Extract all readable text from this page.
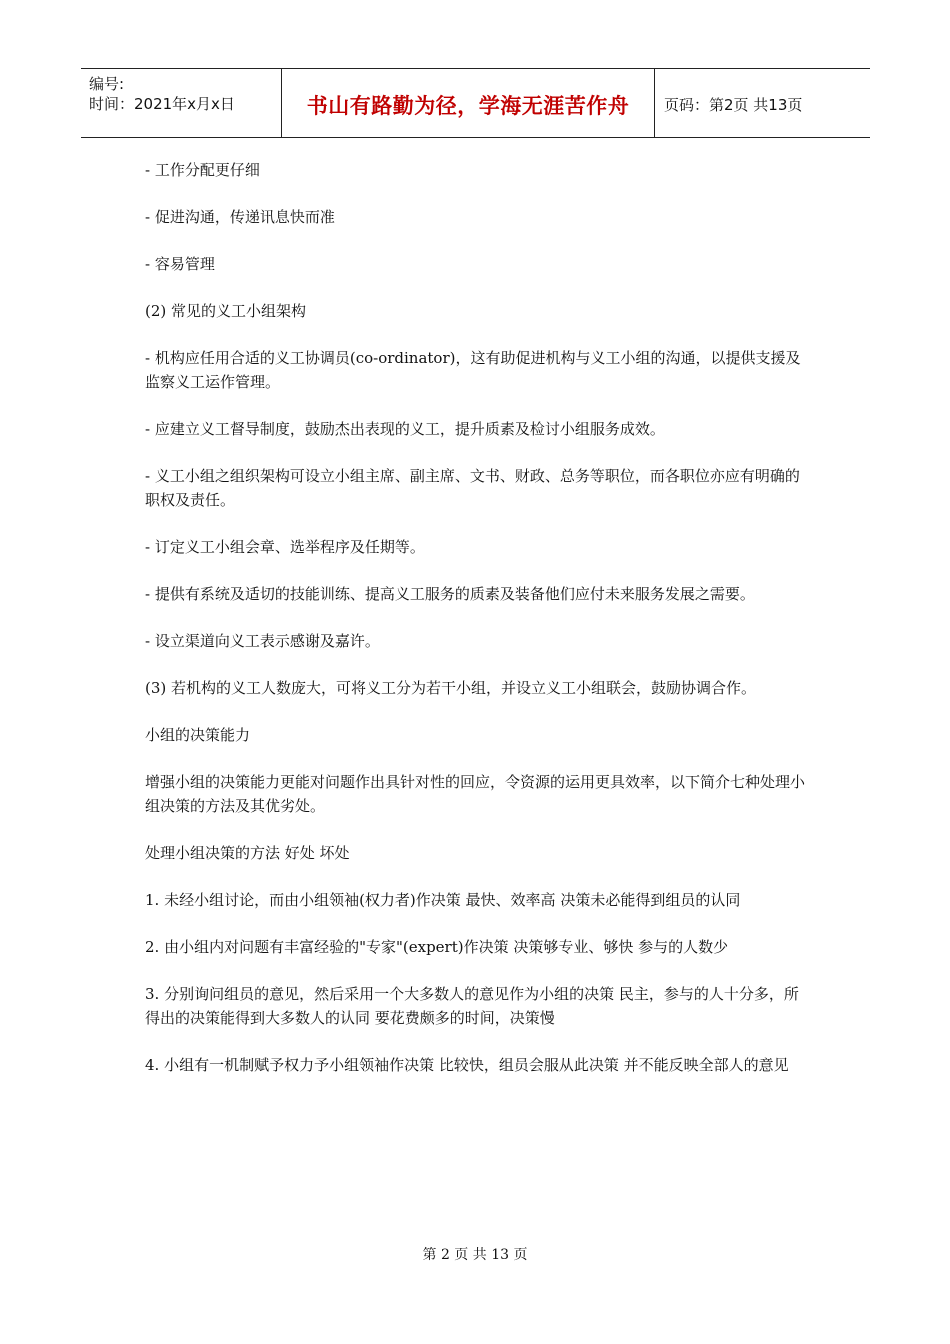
编号:
时间：2021年x月x日	书山有路勤为径，学海无涯苦作舟 页码：第2页 共13页

- 工作分配更仔细

- 促进沟通，传递讯息快而准

- 容易管理

(2) 常见的义工小组架构

- 机构应任用合适的义工协调员(co-ordinator)，这有助促进机构与义工小组的沟通，以提供支援及监察义工运作管理。

- 应建立义工督导制度，鼓励杰出表现的义工，提升质素及检讨小组服务成效。

- 义工小组之组织架构可设立小组主席、副主席、文书、财政、总务等职位，而各职位亦应有明确的职权及责任。

- 订定义工小组会章、选举程序及任期等。

- 提供有系统及适切的技能训练、提高义工服务的质素及装备他们应付未来服务发展之需要。

- 设立渠道向义工表示感谢及嘉许。

(3) 若机构的义工人数庞大，可将义工分为若干小组，并设立义工小组联会，鼓励协调合作。

小组的决策能力

增强小组的决策能力更能对问题作出具针对性的回应，令资源的运用更具效率，以下简介七种处理小组决策的方法及其优劣处。

处理小组决策的方法 好处 坏处

1. 未经小组讨论，而由小组领袖(权力者)作决策 最快、效率高 决策未必能得到组员的认同

2. 由小组内对问题有丰富经验的"专家"(expert)作决策 决策够专业、够快 参与的人数少

3. 分别询问组员的意见，然后采用一个大多数人的意见作为小组的决策 民主，参与的人十分多，所得出的决策能得到大多数人的认同 要花费颇多的时间，决策慢

4. 小组有一机制赋予权力予小组领袖作决策 比较快，组员会服从此决策 并不能反映全部人的意见

第 2 页 共 13 页
